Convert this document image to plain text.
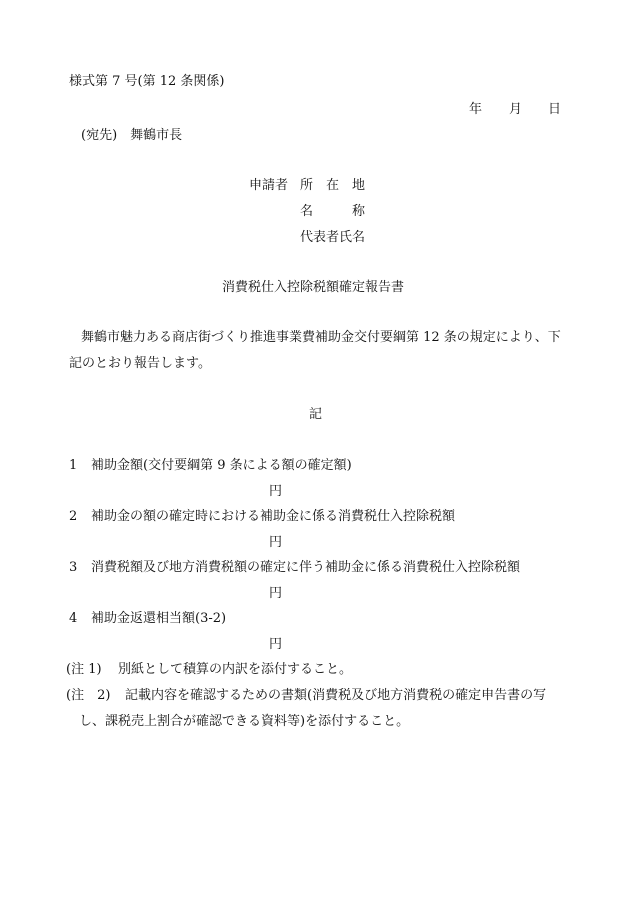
様式第 7 号(第 12 条関係)
年 月 日
(宛先)　舞鶴市長
申請者 所　在　地
名　　　称
代表者氏名
消費税仕入控除税額確定報告書
舞鶴市魅力ある商店街づくり推進事業費補助金交付要綱第 12 条の規定により、下
記のとおり報告します。
記
1 補助金額(交付要綱第 9 条による額の確定額)
円
2 補助金の額の確定時における補助金に係る消費税仕入控除税額
円
3 消費税額及び地方消費税額の確定に伴う補助金に係る消費税仕入控除税額
円
4 補助金返還相当額(3-2)
円
(注 1) 別紙として積算の内訳を添付すること。
(注　2) 記載内容を確認するための書類(消費税及び地方消費税の確定申告書の写
し、課税売上割合が確認できる資料等)を添付すること。
